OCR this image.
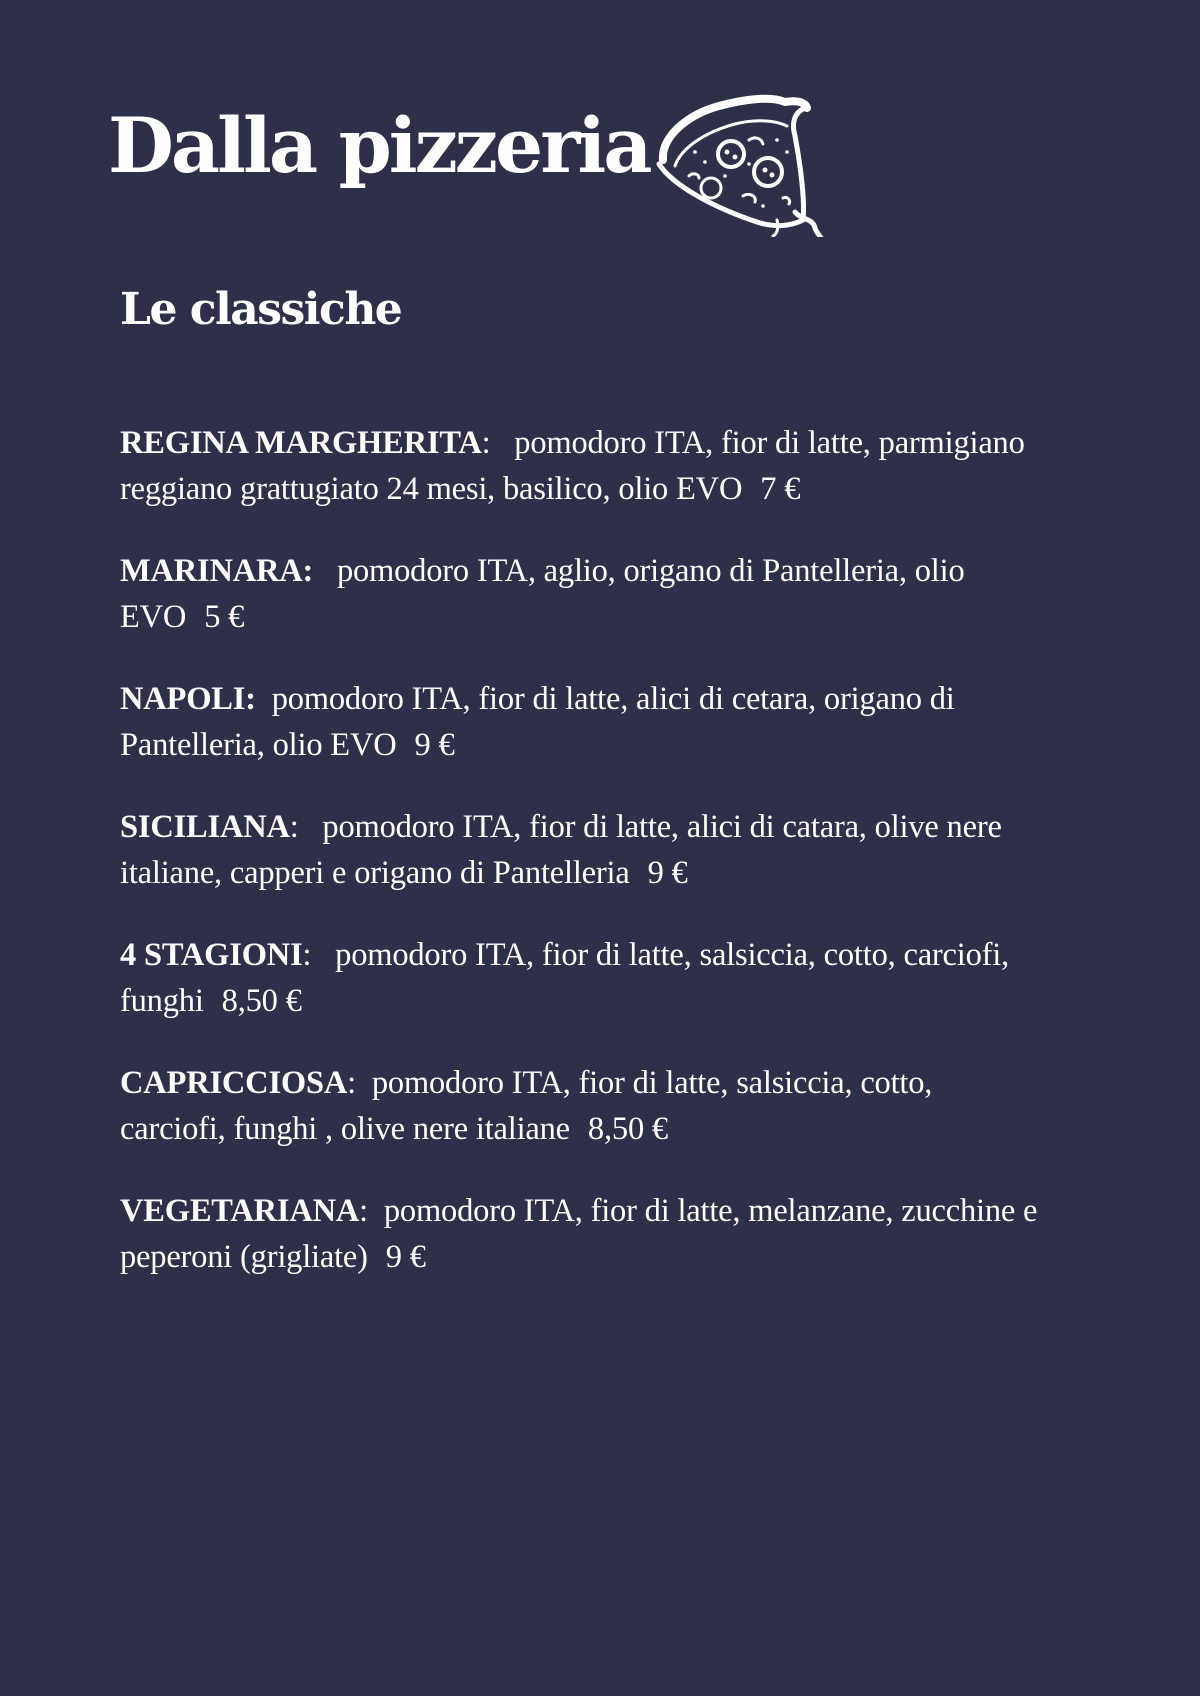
Dalla pizzeria
Le classiche
REGINA MARGHERITA: pomodoro ITA, fior di latte, parmigiano reggiano grattugiato 24 mesi, basilico, olio EVO 7 €
MARINARA: pomodoro ITA, aglio, origano di Pantelleria, olio EVO 5 €
NAPOLI: pomodoro ITA, fior di latte, alici di cetara, origano di Pantelleria, olio EVO 9 €
SICILIANA: pomodoro ITA, fior di latte, alici di catara, olive nere italiane, capperi e origano di Pantelleria 9 €
4 STAGIONI: pomodoro ITA, fior di latte, salsiccia, cotto, carciofi, funghi 8,50 €
CAPRICCIOSA: pomodoro ITA, fior di latte, salsiccia, cotto, carciofi, funghi , olive nere italiane 8,50 €
VEGETARIANA: pomodoro ITA, fior di latte, melanzane, zucchine e peperoni (grigliate) 9 €
